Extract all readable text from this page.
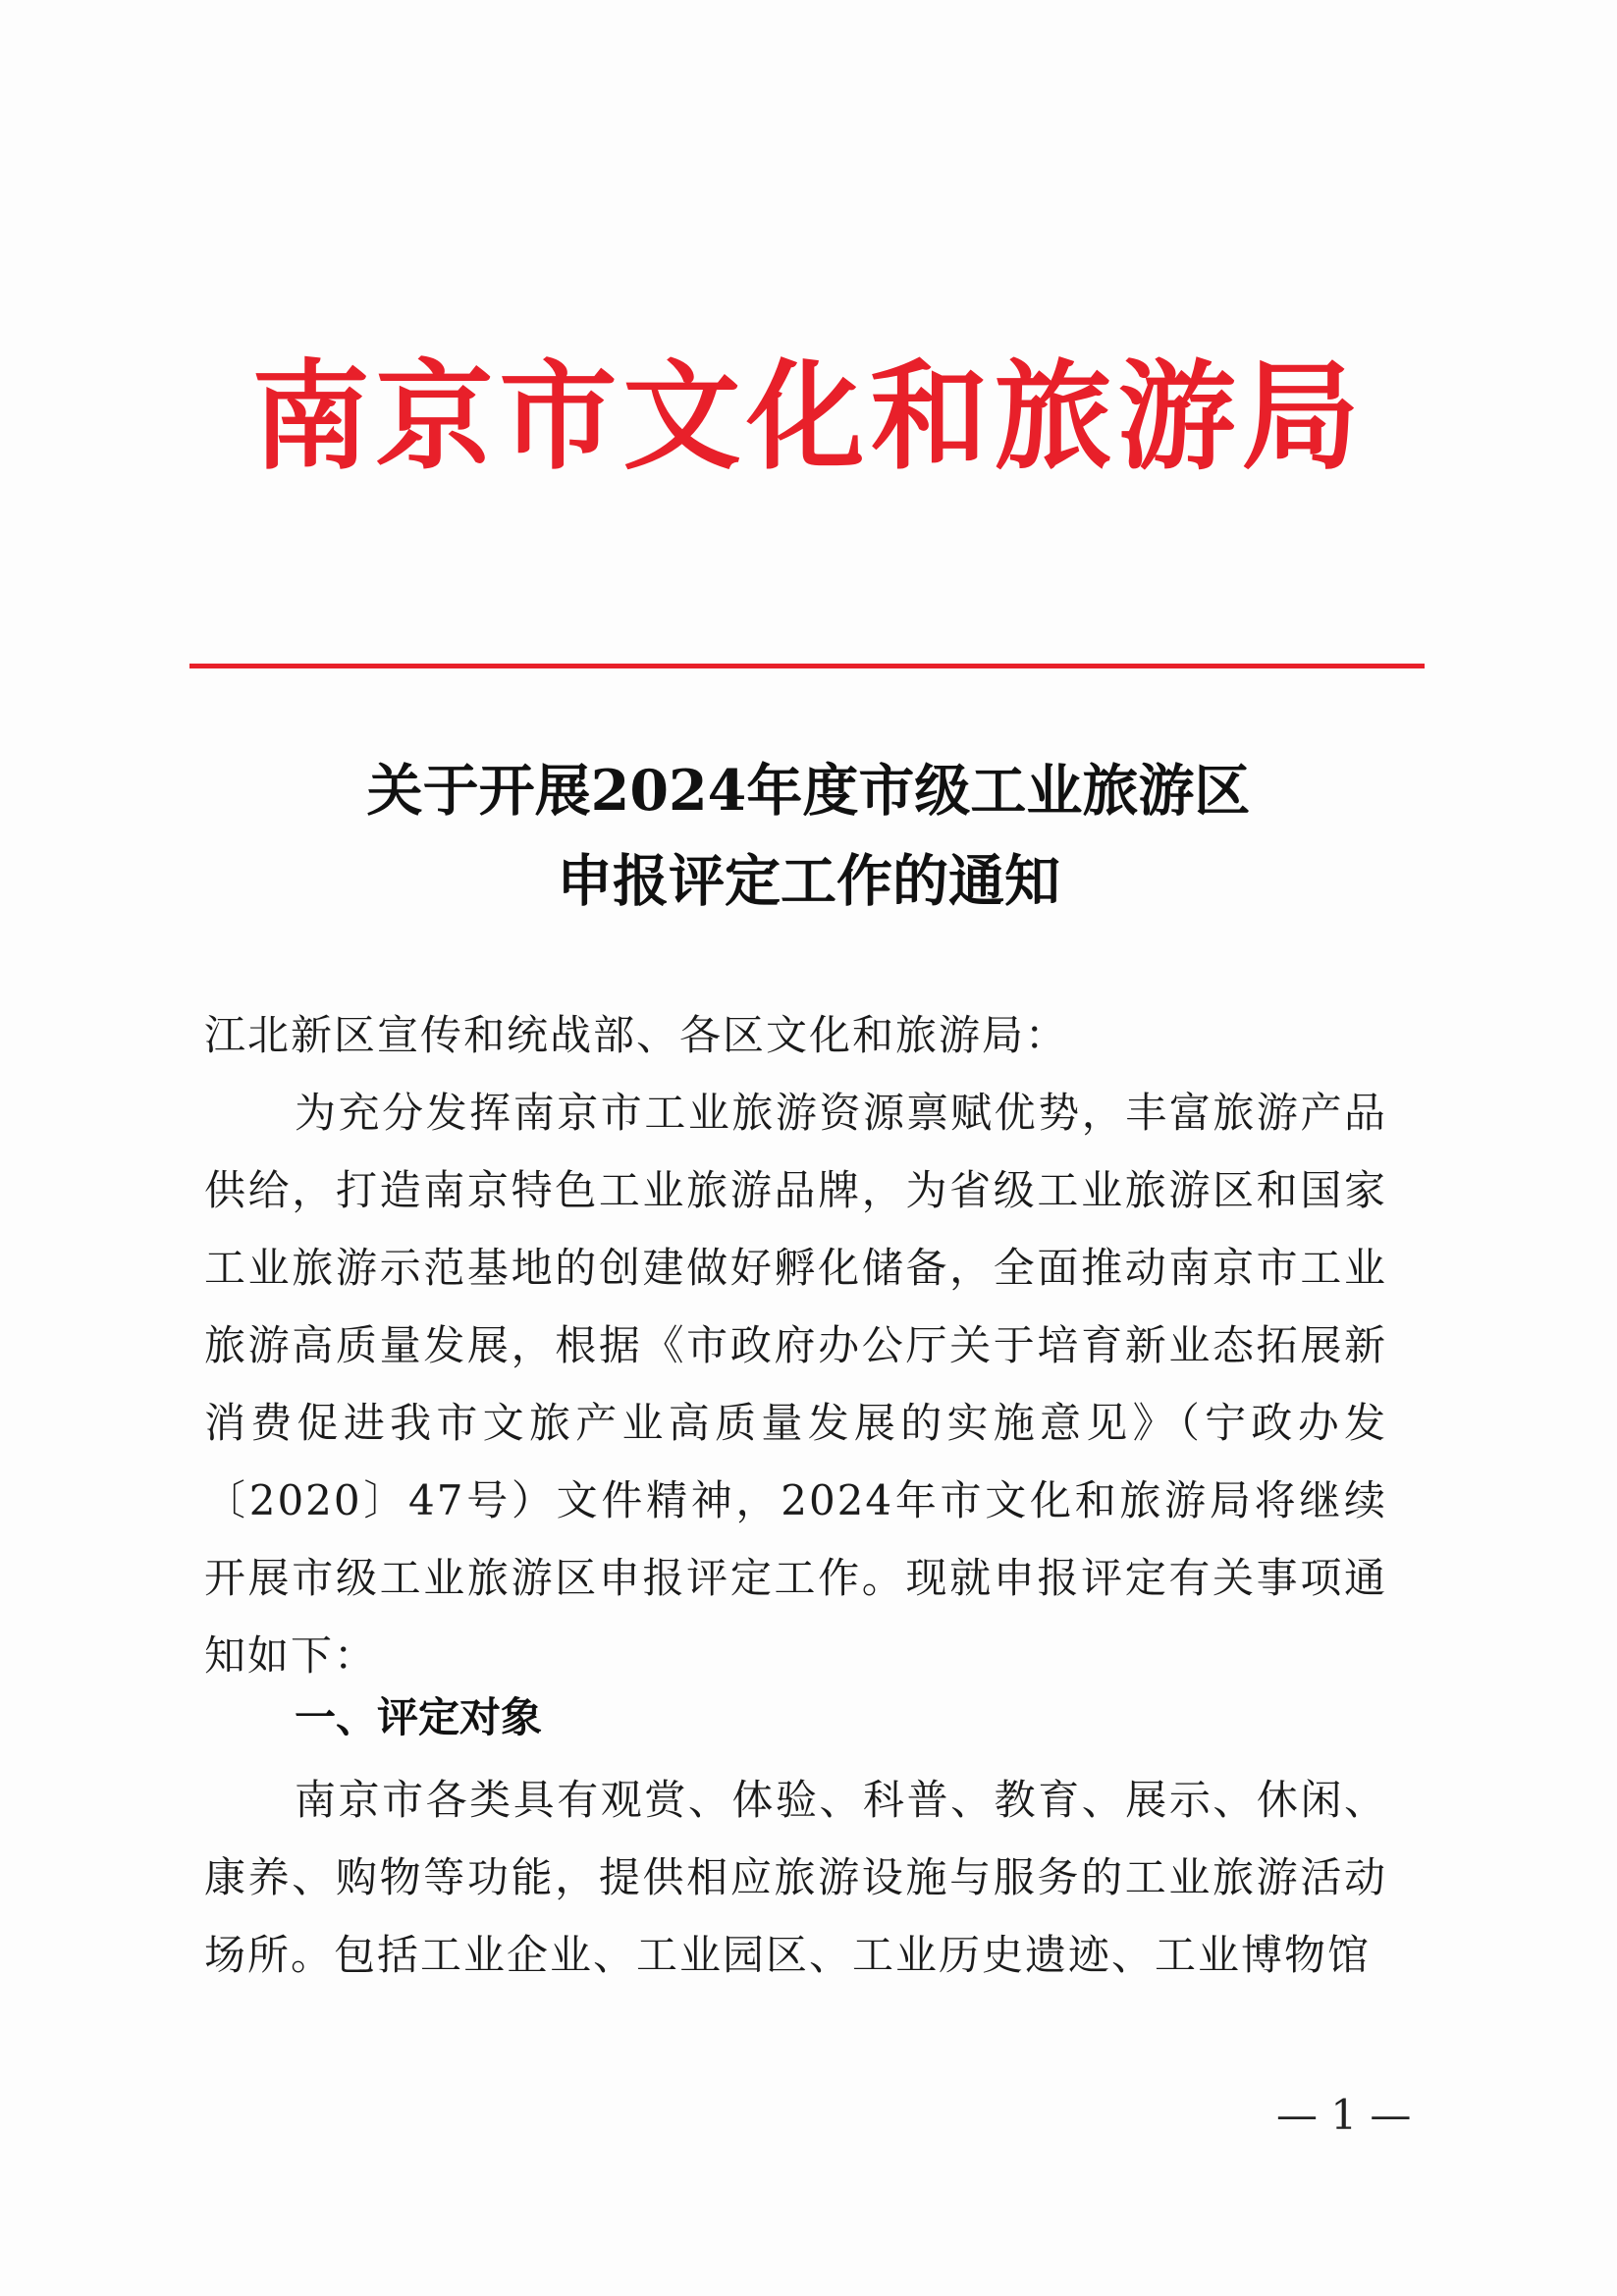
南京市文化和旅游局
关于开展2024年度市级工业旅游区
申报评定工作的通知
江北新区宣传和统战部、各区文化和旅游局：
为充分发挥南京市工业旅游资源禀赋优势，丰富旅游产品供给，打造南京特色工业旅游品牌，为省级工业旅游区和国家工业旅游示范基地的创建做好孵化储备，全面推动南京市工业旅游高质量发展，根据《市政府办公厅关于培育新业态拓展新消费促进我市文旅产业高质量发展的实施意见》（宁政办发〔2020〕47号）文件精神，2024年市文化和旅游局将继续开展市级工业旅游区申报评定工作。现就申报评定有关事项通知如下：
一、评定对象
南京市各类具有观赏、体验、科普、教育、展示、休闲、康养、购物等功能，提供相应旅游设施与服务的工业旅游活动场所。包括工业企业、工业园区、工业历史遗迹、工业博物馆
— 1 —
